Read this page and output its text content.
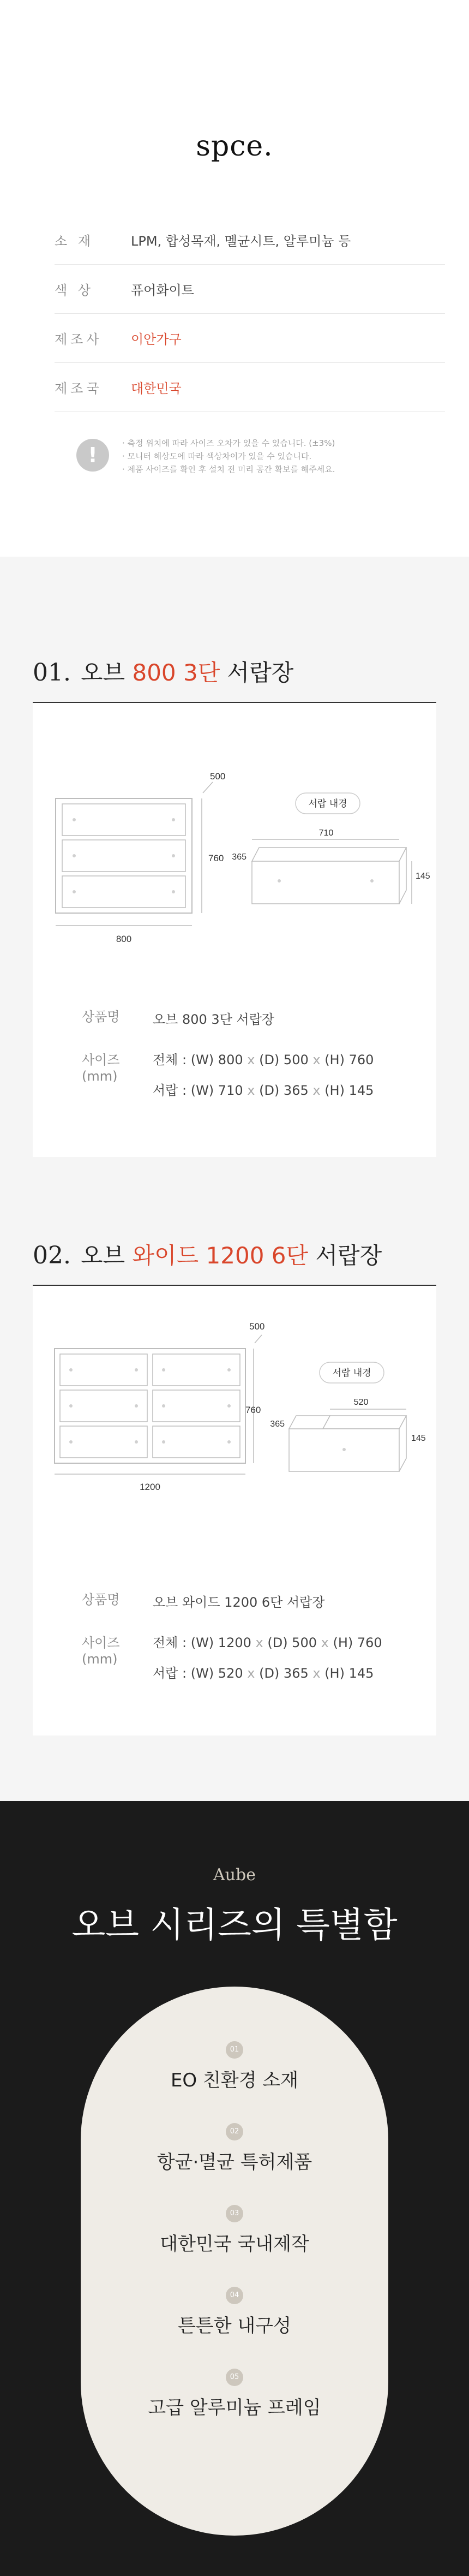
spce.
소 재	LPM, 합성목재, 멜균시트, 알루미늄 등
색 상	퓨어화이트
제조사	이안가구
제조국	대한민국
!	· 측정 위치에 따라 사이즈 오차가 있을 수 있습니다. (±3%)
· 모니터 해상도에 따라 색상차이가 있을 수 있습니다.
· 제품 사이즈를 확인 후 설치 전 미리 공간 확보를 해주세요.
01. 오브 800 3단 서랍장
800
760
500
서랍 내경
710
365
145
상품명	오브 800 3단 서랍장
사이즈
(mm)
전체 : (W) 800 x (D) 500 x (H) 760
서랍 : (W) 710 x (D) 365 x (H) 145
02. 오브 와이드 1200 6단 서랍장
1200
760
500
서랍 내경
520
365
145
상품명	오브 와이드 1200 6단 서랍장
사이즈
(mm)
전체 : (W) 1200 x (D) 500 x (H) 760
서랍 : (W) 520 x (D) 365 x (H) 145
Aube
오브 시리즈의 특별함
01
EO 친환경 소재
02
항균·멸균 특허제품
03
대한민국 국내제작
04
튼튼한 내구성
05
고급 알루미늄 프레임
